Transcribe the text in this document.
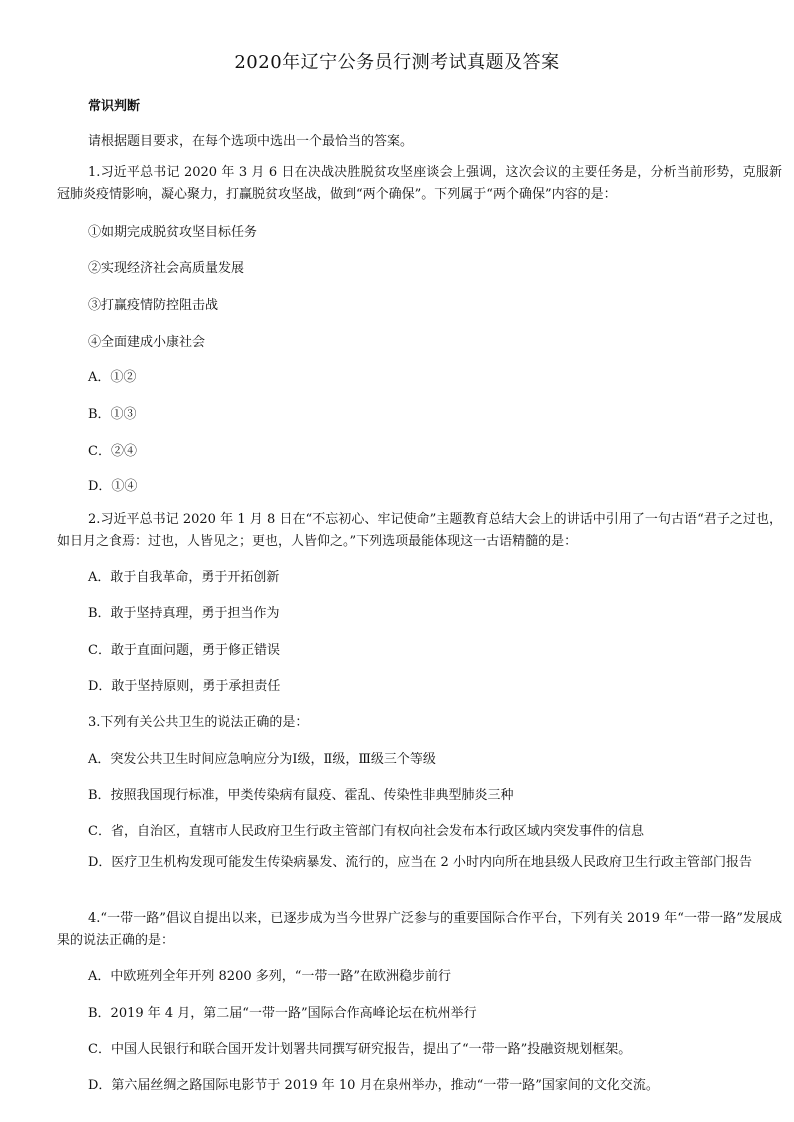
2020年辽宁公务员行测考试真题及答案
常识判断
请根据题目要求，在每个选项中选出一个最恰当的答案。
1.习近平总书记 2020 年 3 月 6 日在决战决胜脱贫攻坚座谈会上强调，这次会议的主要任务是，分析当前形势，克服新冠肺炎疫情影响，凝心聚力，打赢脱贫攻坚战，做到“两个确保”。下列属于“两个确保”内容的是：
①如期完成脱贫攻坚目标任务
②实现经济社会高质量发展
③打赢疫情防控阻击战
④全面建成小康社会
A．①②
B．①③
C．②④
D．①④
2.习近平总书记 2020 年 1 月 8 日在“不忘初心、牢记使命”主题教育总结大会上的讲话中引用了一句古语“君子之过也，如日月之食焉：过也，人皆见之；更也，人皆仰之。”下列选项最能体现这一古语精髓的是：
A．敢于自我革命，勇于开拓创新
B．敢于坚持真理，勇于担当作为
C．敢于直面问题，勇于修正错误
D．敢于坚持原则，勇于承担责任
3.下列有关公共卫生的说法正确的是：
A．突发公共卫生时间应急响应分为Ⅰ级，Ⅱ级，Ⅲ级三个等级
B．按照我国现行标准，甲类传染病有鼠疫、霍乱、传染性非典型肺炎三种
C．省，自治区，直辖市人民政府卫生行政主管部门有权向社会发布本行政区域内突发事件的信息
D．医疗卫生机构发现可能发生传染病暴发、流行的，应当在 2 小时内向所在地县级人民政府卫生行政主管部门报告
4.“一带一路”倡议自提出以来，已逐步成为当今世界广泛参与的重要国际合作平台，下列有关 2019 年“一带一路”发展成果的说法正确的是：
A．中欧班列全年开列 8200 多列，“一带一路”在欧洲稳步前行
B．2019 年 4 月，第二届“一带一路”国际合作高峰论坛在杭州举行
C．中国人民银行和联合国开发计划署共同撰写研究报告，提出了“一带一路”投融资规划框架。
D．第六届丝绸之路国际电影节于 2019 年 10 月在泉州举办，推动“一带一路”国家间的文化交流。
